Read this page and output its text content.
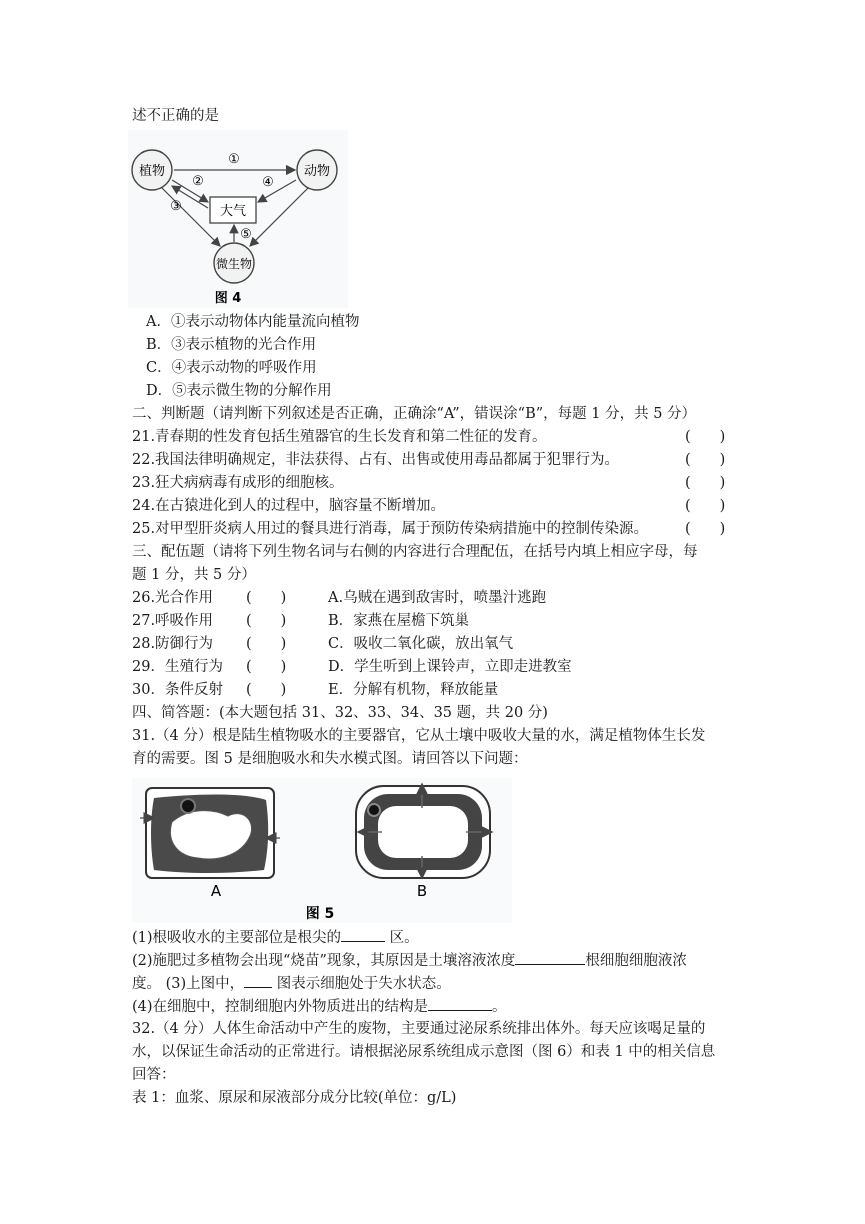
述不正确的是
植物	动物
大气
微生物
①
②
③
④
⑤
图 4
A．①表示动物体内能量流向植物
B．③表示植物的光合作用
C．④表示动物的呼吸作用
D．⑤表示微生物的分解作用
二、判断题（请判断下列叙述是否正确，正确涂“A”，错误涂“B”，每题 1 分，共 5 分）
21.青春期的性发育包括生殖器官的生长发育和第二性征的发育。	(　　)
22.我国法律明确规定，非法获得、占有、出售或使用毒品都属于犯罪行为。	(　　)
23.狂犬病病毒有成形的细胞核。	(　　)
24.在古猿进化到人的过程中，脑容量不断增加。	(　　)
25.对甲型肝炎病人用过的餐具进行消毒，属于预防传染病措施中的控制传染源。	(　　)
三、配伍题（请将下列生物名词与右侧的内容进行合理配伍，在括号内填上相应字母，每
题 1 分，共 5 分）
26.光合作用 (　　)	A.乌贼在遇到敌害时，喷墨汁逃跑
27.呼吸作用 (　　)	B．家燕在屋檐下筑巢
28.防御行为 (　　)	C．吸收二氧化碳，放出氧气
29．生殖行为 (　　)	D．学生听到上课铃声，立即走进教室
30．条件反射 (　　)	E．分解有机物，释放能量
四、简答题：(本大题包括 31、32、33、34、35 题，共 20 分)
31.（4 分）根是陆生植物吸水的主要器官，它从土壤中吸收大量的水，满足植物体生长发
育的需要。图 5 是细胞吸水和失水模式图。请回答以下问题：
A	B
图 5
(1)根吸收水的主要部位是根尖的	区。
(2)施肥过多植物会出现“烧苗”现象，其原因是土壤溶液浓度	根细胞细胞液浓
度。 (3)上图中， 图表示细胞处于失水状态。
(4)在细胞中，控制细胞内外物质进出的结构是	。
32.（4 分）人体生命活动中产生的废物，主要通过泌尿系统排出体外。每天应该喝足量的
水，以保证生命活动的正常进行。请根据泌尿系统组成示意图（图 6）和表 1 中的相关信息
回答：
表 1：血浆、原尿和尿液部分成分比较(单位：g/L)
